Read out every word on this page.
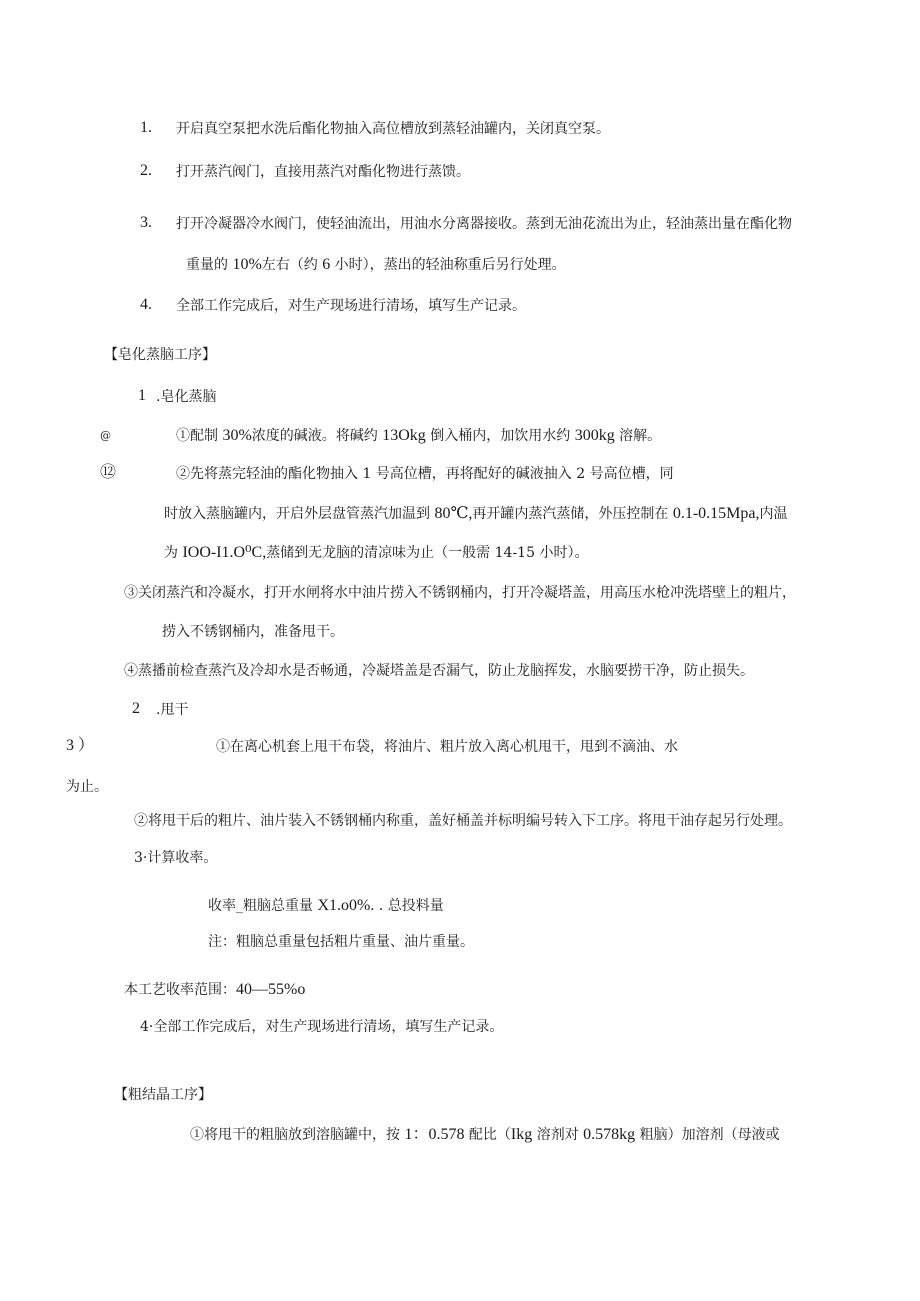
1. 开启真空泵把水洗后酯化物抽入高位槽放到蒸轻油罐内，关闭真空泵。
2. 打开蒸汽阀门，直接用蒸汽对酯化物进行蒸馈。
3. 打开冷凝器冷水阀门，使轻油流出，用油水分离器接收。蒸到无油花流出为止，轻油蒸出量在酯化物
重量的 10%左右（约 6 小时），蒸出的轻油称重后另行处理。
4. 全部工作完成后，对生产现场进行清场，填写生产记录。
【皂化蒸脑工序】
1 .皂化蒸脑
@	①配制 30%浓度的碱液。将碱约 13Okg 倒入桶内，加饮用水约 300kg 溶解。
⑫	②先将蒸完轻油的酯化物抽入 1 号高位槽，再将配好的碱液抽入 2 号高位槽，同
时放入蒸脑罐内，开启外层盘管蒸汽加温到 80℃,再开罐内蒸汽蒸储，外压控制在 0.1-0.15Mpa,内温
为 IOO-I1.O⁰C,蒸储到无龙脑的清凉味为止（一般需 14-15 小时）。
③关闭蒸汽和冷凝水，打开水闸将水中油片捞入不锈钢桶内，打开冷凝塔盖，用高压水枪冲洗塔壁上的粗片，
捞入不锈钢桶内，准备甩干。
④蒸播前检查蒸汽及冷却水是否畅通，冷凝塔盖是否漏气，防止龙脑挥发，水脑要捞干净，防止损失。
2 .甩干
3 ）	①在离心机套上甩干布袋，将油片、粗片放入离心机甩干，甩到不滴油、水
为止。
②将甩干后的粗片、油片装入不锈钢桶内称重，盖好桶盖并标明编号转入下工序。将甩干油存起另行处理。
3·计算收率。
收率_粗脑总重量 X1.o0%. . 总投料量
注：粗脑总重量包括粗片重量、油片重量。
本工艺收率范围：40—55%o
4·全部工作完成后，对生产现场进行清场，填写生产记录。
【粗结晶工序】
①将甩干的粗脑放到溶脑罐中，按 1：0.578 配比（Ikg 溶剂对 0.578kg 粗脑）加溶剂（母液或
